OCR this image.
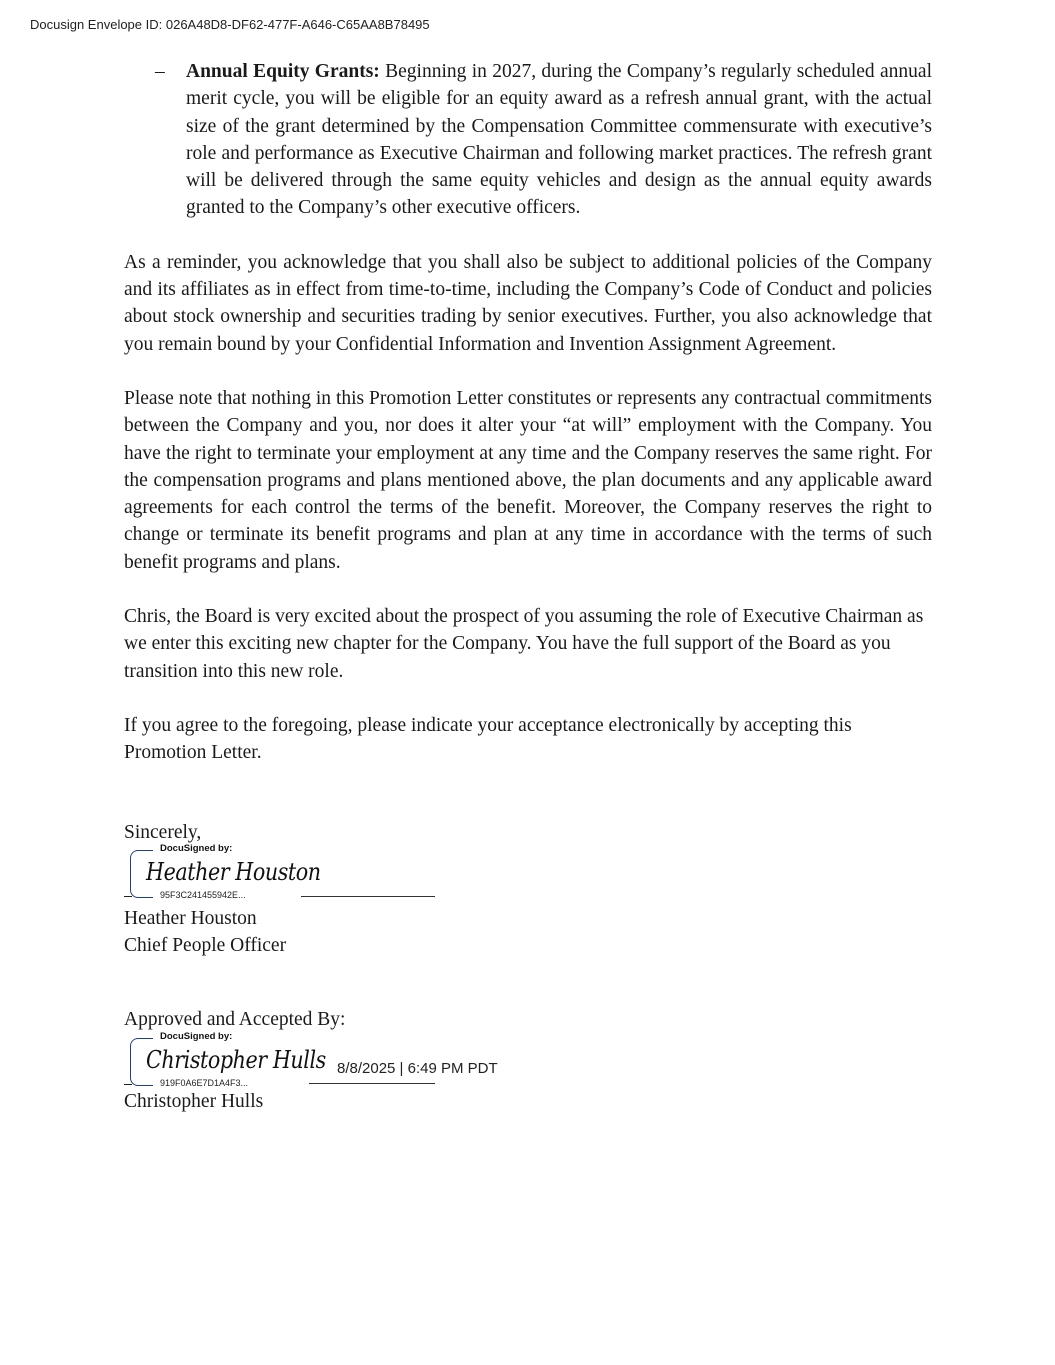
Docusign Envelope ID: 026A48D8-DF62-477F-A646-C65AA8B78495
– Annual Equity Grants: Beginning in 2027, during the Company’s regularly scheduled annual merit cycle, you will be eligible for an equity award as a refresh annual grant, with the actual size of the grant determined by the Compensation Committee commensurate with executive’s role and performance as Executive Chairman and following market practices. The refresh grant will be delivered through the same equity vehicles and design as the annual equity awards granted to the Company’s other executive officers.

As a reminder, you acknowledge that you shall also be subject to additional policies of the Company and its affiliates as in effect from time-to-time, including the Company’s Code of Conduct and policies about stock ownership and securities trading by senior executives. Further, you also acknowledge that you remain bound by your Confidential Information and Invention Assignment Agreement.

Please note that nothing in this Promotion Letter constitutes or represents any contractual commitments between the Company and you, nor does it alter your “at will” employment with the Company. You have the right to terminate your employment at any time and the Company reserves the same right. For the compensation programs and plans mentioned above, the plan documents and any applicable award agreements for each control the terms of the benefit. Moreover, the Company reserves the right to change or terminate its benefit programs and plan at any time in accordance with the terms of such benefit programs and plans.

Chris, the Board is very excited about the prospect of you assuming the role of Executive Chairman as we enter this exciting new chapter for the Company. You have the full support of the Board as you transition into this new role.

If you agree to the foregoing, please indicate your acceptance electronically by accepting this Promotion Letter.

Sincerely,
DocuSigned by:
Heather Houston
95F3C241455942E...
Heather Houston
Chief People Officer
Approved and Accepted By:
DocuSigned by:
Christopher Hulls
919F0A6E7D1A4F3...
8/8/2025 | 6:49 PM PDT
Christopher Hulls
